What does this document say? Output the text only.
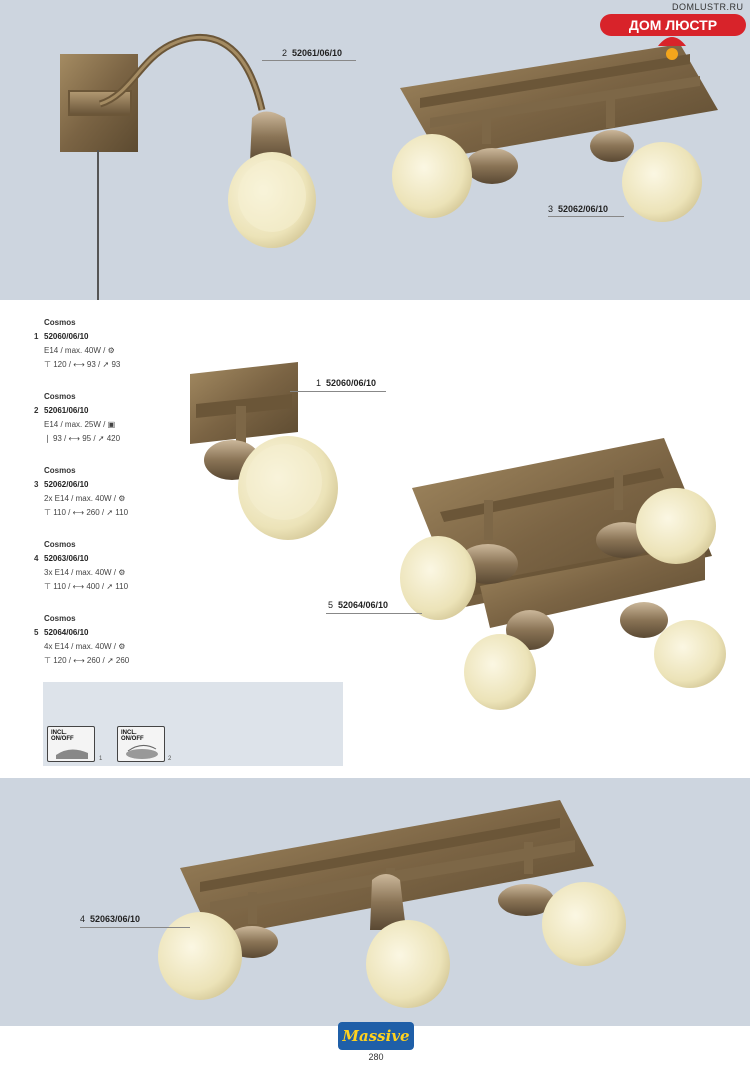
DOMLUSTR.RU
ДОМ ЛЮСТР
2 52061/06/10
3 52062/06/10
1 52060/06/10
5 52064/06/10
4 52063/06/10
1
Cosmos
52060/06/10
E14 / max. 40W / ⚙
⊤ 120 / ⟷ 93 / ➚ 93
2
Cosmos
52061/06/10
E14 / max. 25W / ▣
❘ 93 / ⟷ 95 / ➚ 420
3
Cosmos
52062/06/10
2x E14 / max. 40W / ⚙
⊤ 110 / ⟷ 260 / ➚ 110
4
Cosmos
52063/06/10
3x E14 / max. 40W / ⚙
⊤ 110 / ⟷ 400 / ➚ 110
5
Cosmos
52064/06/10
4x E14 / max. 40W / ⚙
⊤ 120 / ⟷ 260 / ➚ 260
INCL.
ON/OFF
1
INCL.
ON/OFF
2
Massive
280
